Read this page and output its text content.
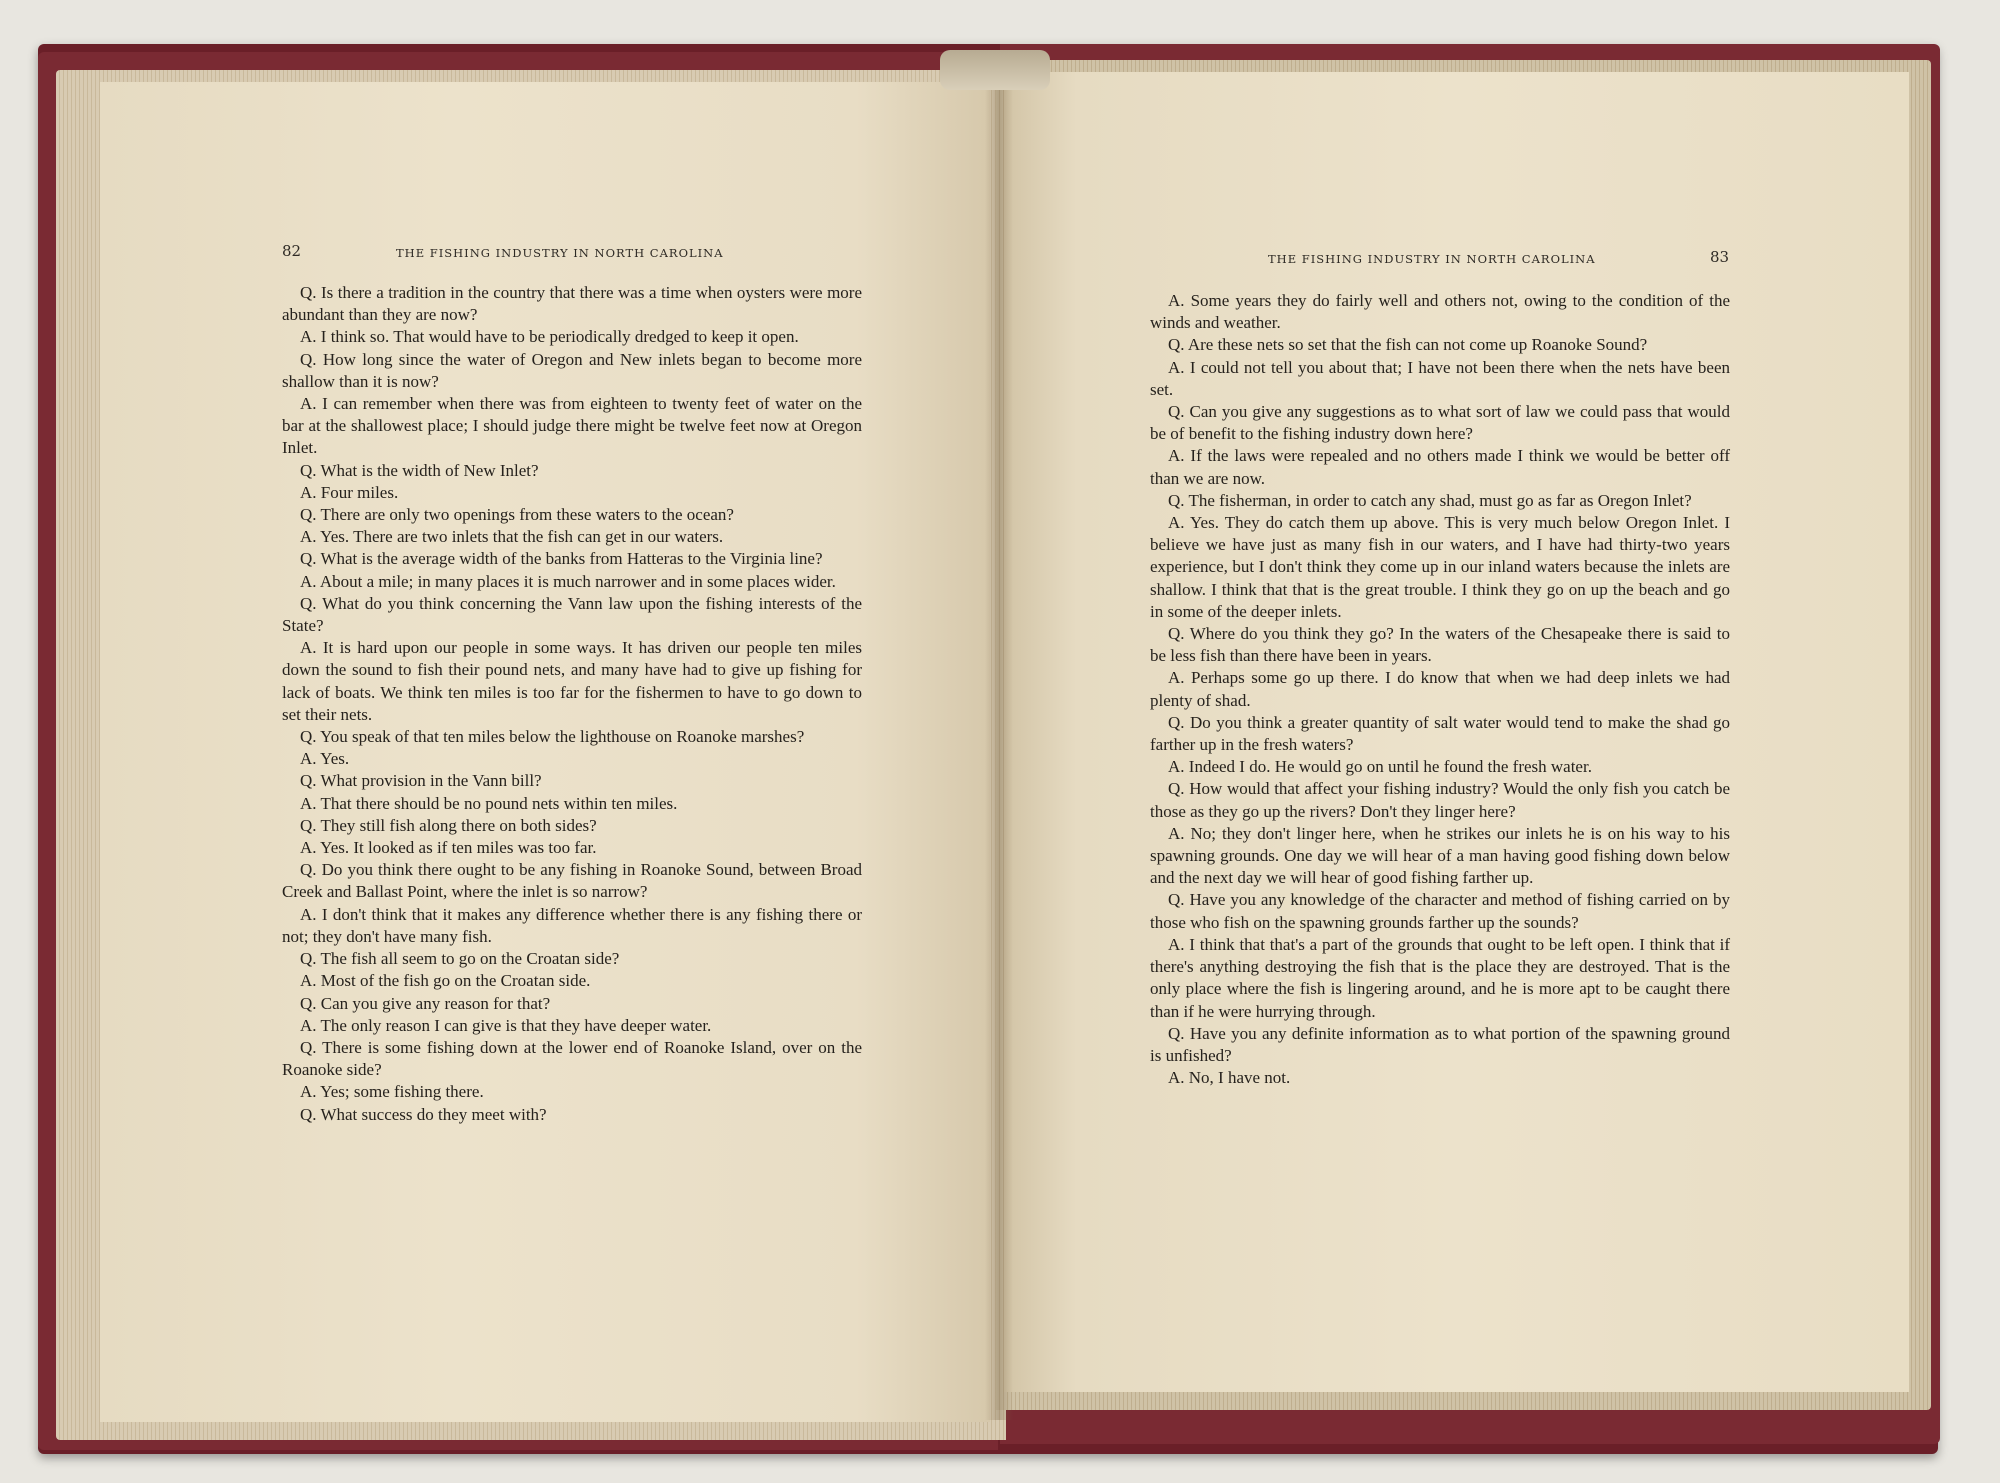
82	THE FISHING INDUSTRY IN NORTH CAROLINA

Q. Is there a tradition in the country that there was a time when oysters were more abundant than they are now?

A. I think so. That would have to be periodically dredged to keep it open.

Q. How long since the water of Oregon and New inlets began to become more shallow than it is now?

A. I can remember when there was from eighteen to twenty feet of water on the bar at the shallowest place; I should judge there might be twelve feet now at Oregon Inlet.

Q. What is the width of New Inlet?

A. Four miles.

Q. There are only two openings from these waters to the ocean?

A. Yes. There are two inlets that the fish can get in our waters.

Q. What is the average width of the banks from Hatteras to the Virginia line?

A. About a mile; in many places it is much narrower and in some places wider.

Q. What do you think concerning the Vann law upon the fishing interests of the State?

A. It is hard upon our people in some ways. It has driven our people ten miles down the sound to fish their pound nets, and many have had to give up fishing for lack of boats. We think ten miles is too far for the fishermen to have to go down to set their nets.

Q. You speak of that ten miles below the lighthouse on Roanoke marshes?

A. Yes.

Q. What provision in the Vann bill?

A. That there should be no pound nets within ten miles.

Q. They still fish along there on both sides?

A. Yes. It looked as if ten miles was too far.

Q. Do you think there ought to be any fishing in Roanoke Sound, between Broad Creek and Ballast Point, where the inlet is so narrow?

A. I don't think that it makes any difference whether there is any fishing there or not; they don't have many fish.

Q. The fish all seem to go on the Croatan side?

A. Most of the fish go on the Croatan side.

Q. Can you give any reason for that?

A. The only reason I can give is that they have deeper water.

Q. There is some fishing down at the lower end of Roanoke Island, over on the Roanoke side?

A. Yes; some fishing there.

Q. What success do they meet with?

THE FISHING INDUSTRY IN NORTH CAROLINA	83

A. Some years they do fairly well and others not, owing to the condition of the winds and weather.

Q. Are these nets so set that the fish can not come up Roanoke Sound?

A. I could not tell you about that; I have not been there when the nets have been set.

Q. Can you give any suggestions as to what sort of law we could pass that would be of benefit to the fishing industry down here?

A. If the laws were repealed and no others made I think we would be better off than we are now.

Q. The fisherman, in order to catch any shad, must go as far as Oregon Inlet?

A. Yes. They do catch them up above. This is very much below Oregon Inlet. I believe we have just as many fish in our waters, and I have had thirty-two years experience, but I don't think they come up in our inland waters because the inlets are shallow. I think that that is the great trouble. I think they go on up the beach and go in some of the deeper inlets.

Q. Where do you think they go? In the waters of the Chesapeake there is said to be less fish than there have been in years.

A. Perhaps some go up there. I do know that when we had deep inlets we had plenty of shad.

Q. Do you think a greater quantity of salt water would tend to make the shad go farther up in the fresh waters?

A. Indeed I do. He would go on until he found the fresh water.

Q. How would that affect your fishing industry? Would the only fish you catch be those as they go up the rivers? Don't they linger here?

A. No; they don't linger here, when he strikes our inlets he is on his way to his spawning grounds. One day we will hear of a man having good fishing down below and the next day we will hear of good fishing farther up.

Q. Have you any knowledge of the character and method of fishing carried on by those who fish on the spawning grounds farther up the sounds?

A. I think that that's a part of the grounds that ought to be left open. I think that if there's anything destroying the fish that is the place they are destroyed. That is the only place where the fish is lingering around, and he is more apt to be caught there than if he were hurrying through.

Q. Have you any definite information as to what portion of the spawning ground is unfished?

A. No, I have not.
